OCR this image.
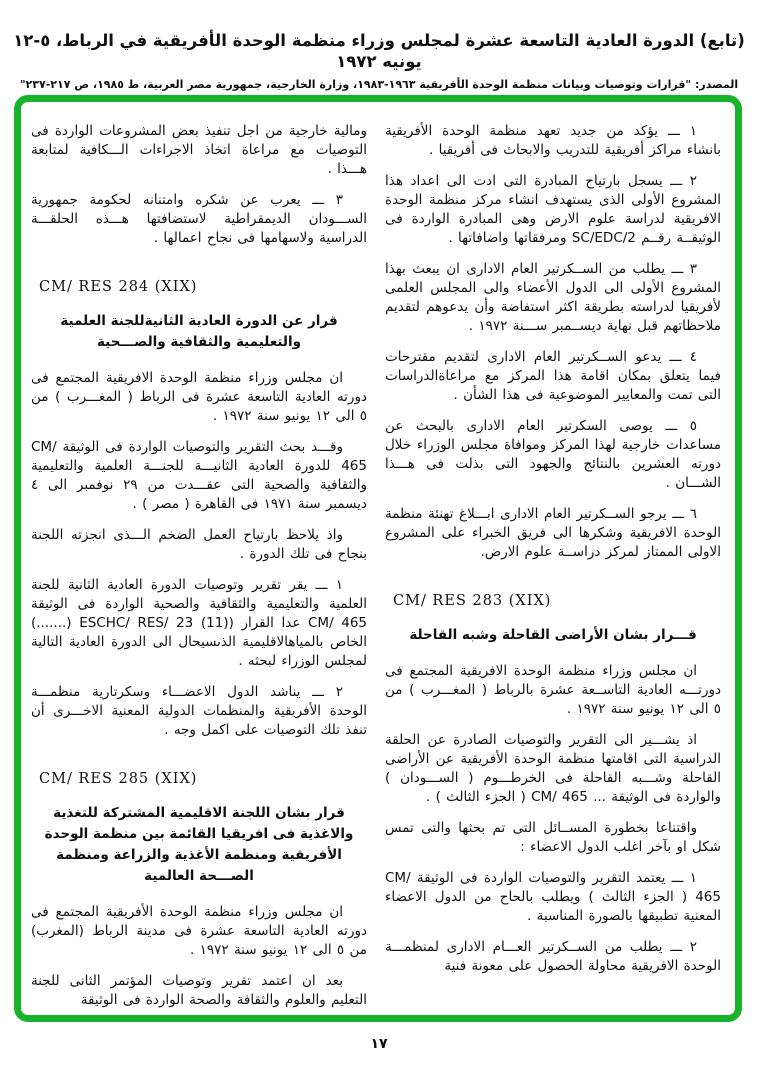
(تابع) الدورة العادية التاسعة عشرة لمجلس وزراء منظمة الوحدة الأفريقية في الرباط، ٥-١٢ يونيه ١٩٧٢
المصدر: "قرارات وتوصيات وبيانات منظمة الوحدة الأفريقية ١٩٦٣-١٩٨٣، وزارة الخارجية، جمهورية مصر العربية، ط ١٩٨٥، ص ٢١٧-٢٣٧"
١ ـــ يؤكد من جديد تعهد منظمة الوحدة الأفريقية بانشاء مراكز أفريقية للتدريب والابحاث فى أفريقيا .
٢ ـــ يسجل بارتياح المبادرة التى ادت الى اعداد هذا المشروع الأولى الذى يستهدف انشاء مركز منظمة الوحدة الافريقية لدراسة علوم الارض وهى المبادرة الواردة فى الوثيقــة رقــم SC/EDC/2 ومرفقاتها واضافاتها .
٣ ـــ يطلب من الســكرتير العام الادارى ان يبعث بهذا المشروع الأولى الى الدول الأعضاء والى المجلس العلمى لأفريقيا لدراسته بطريقة اكثر استفاضة وأن يدعوهم لتقديم ملاحظاتهم قبل نهاية ديســمبر ســـنة ١٩٧٢ .
٤ ـــ يدعو الســكرتير العام الادارى لتقديم مقترحات فيما يتعلق بمكان اقامة هذا المركز مع مراعاةالدراسات التى تمت والمعايير الموضوعية فى هذا الشأن .
٥ ـــ يوصى السكرتير العام الادارى بالبحث عن مساعدات خارجية لهذا المركز وموافاة مجلس الوزراء خلال دورته العشرين بالنتائج والجهود التى بذلت فى هـــذا الشـــان .
٦ ـــ يرجو الســكرتير العام الادارى ابـــلاغ تهنئة منظمة الوحدة الافريقية وشكرها الى فريق الخبراء على المشروع الاولى الممتاز لمركز دراســة علوم الارض.
CM/ RES 283 (XIX)
قـــرار بشان الأراضى القاحلة وشبه القاحلة
ان مجلس وزراء منظمة الوحدة الافريقية المجتمع فى دورتـــه العادية التاســعة عشرة بالرباط ( المغـــرب ) من ٥ الى ١٢ يونيو سنة ١٩٧٢ .
اذ يشـــير الى التقرير والتوصيات الصادرة عن الحلقة الدراسية التى اقامتها منظمة الوحدة الأفريقية عن الأراضى القاحلة وشـــبه القاحلة فى الخرطـــوم ( الســـودان ) والواردة فى الوثيقة ... CM/ 465 ( الجزء الثالث ) .
واقتناعا بخطورة المســائل التى تم بحثها والتى تمس شكل او بآخر اغلب الدول الاعضاء :
١ ـــ يعتمد التقرير والتوصيات الواردة فى الوثيقة CM/ 465 ( الجزء الثالث ) ويطلب بالحاح من الدول الاعضاء المعنية تطبيقها بالصورة المناسبة .
٢ ـــ يطلب من الســكرتير العـــام الادارى لمنظمـــة الوحدة الافريقية محاولة الحصول على معونة فنية
ومالية خارجية من اجل تنفيذ بعض المشروعات الواردة فى التوصيات مع مراعاة اتخاذ الاجراءات الـــكافية لمتابعة هـــذا .
٣ ـــ يعرب عن شكره وامتنانه لحكومة جمهورية الســـودان الديمقراطية لاستضافتها هـــذه الحلقـــة الدراسية ولاسهامها فى نجاح اعمالها .
CM/ RES 284 (XIX)
قرار عن الدورة العادية الثانيةللجنة العلمية والتعليمية والثقافية والصـــحية
ان مجلس وزراء منظمة الوحدة الافريقية المجتمع فى دورته العادية التاسعة عشرة فى الرباط ( المغـــرب ) من ٥ الى ١٢ يونيو سنة ١٩٧٢ .
وقـــد بحث التقرير والتوصيات الواردة فى الوثيقة CM/ 465 للدورة العادية الثانيـــة للجنـــة العلمية والتعليمية والثقافية والصحية التى عقـــدت من ٢٩ نوفمبر الى ٤ ديسمبر سنة ١٩٧١ فى القاهرة ( مصر ) .
واذ يلاحظ بارتياح العمل الضخم الـــذى انجزته اللجنة بنجاح فى تلك الدورة .
١ ـــ يقر تقرير وتوصيات الدورة العادية الثانية للجنة العلمية والتعليمية والثقافية والصحية الواردة فى الوثيقة CM/ 465 عدا القرار (ESCHC/ RES/ 23 (11) (.......) الخاص بالمياهالاقليمية الذىسيحال الى الدورة العادية التالية لمجلس الوزراء لبحثه .
٢ ـــ يناشد الدول الاعضـــاء وسكرتارية منظمـــة الوحدة الأفريقية والمنظمات الدولية المعنية الاخـــرى أن تنفذ تلك التوصيات على اكمل وجه .
CM/ RES 285 (XIX)
قرار بشان اللجنة الاقليمية المشتركة للتغذية والاغذية فى افريقيا القائمة بين منظمة الوحدة الأفريقية ومنظمة الأغذية والزراعة ومنظمة الصـــحة العالمية
ان مجلس وزراء منظمة الوحدة الأفريقية المجتمع فى دورته العادية التاسعة عشرة فى مدينة الرباط (المغرب) من ٥ الى ١٢ يونيو سنة ١٩٧٢ .
بعد ان اعتمد تقرير وتوصيات المؤتمر الثانى للجنة التعليم والعلوم والثقافة والصحة الواردة فى الوثيقة
١٧
